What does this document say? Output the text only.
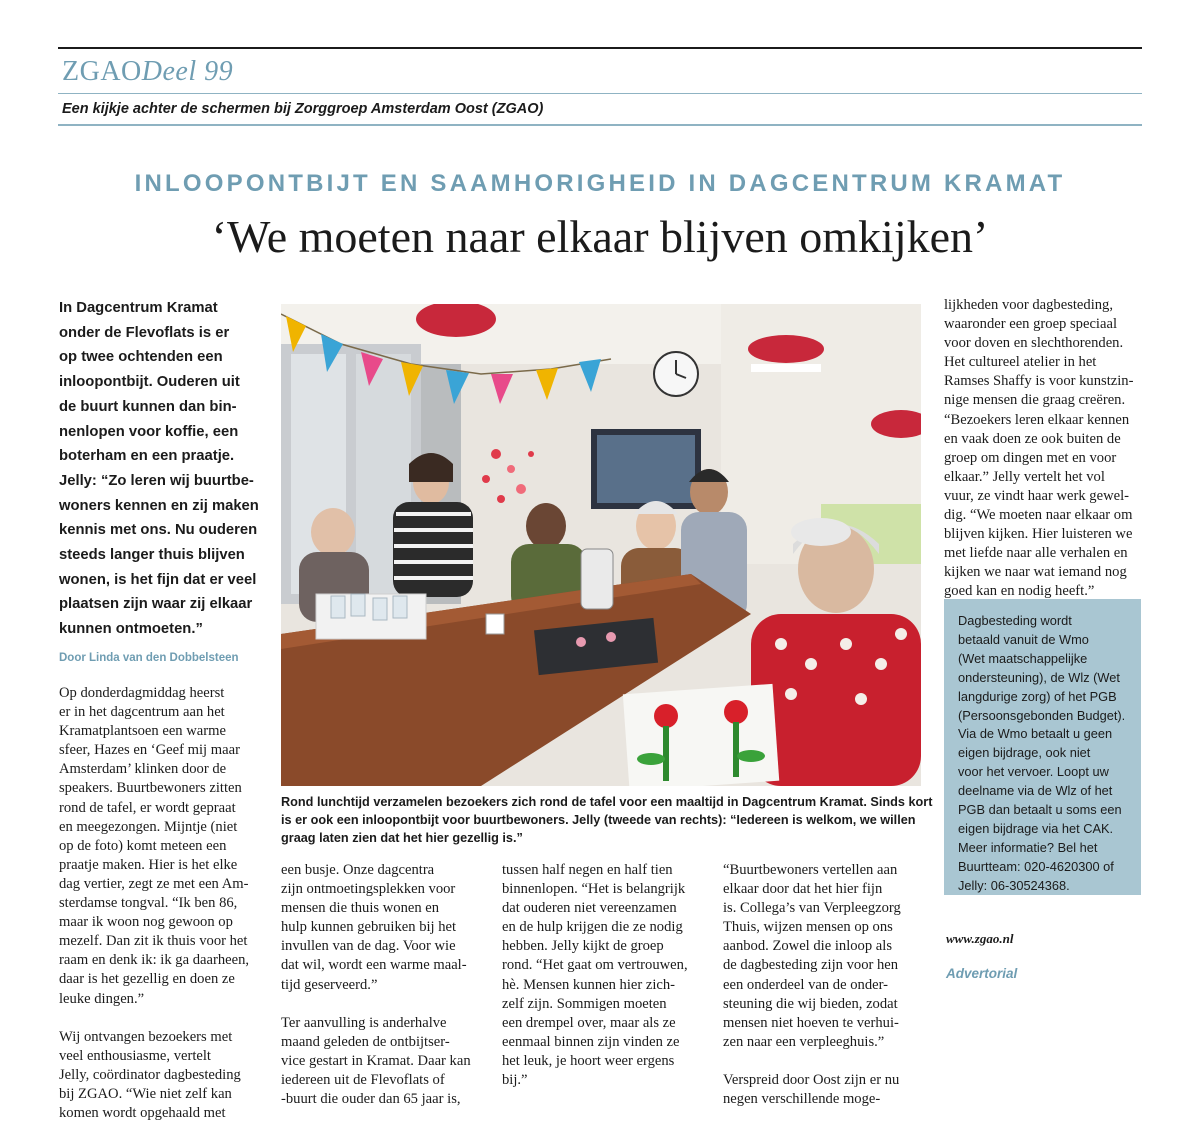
ZGAODeel 99
Een kijkje achter de schermen bij Zorggroep Amsterdam Oost (ZGAO)
INLOOPONTBIJT EN SAAMHORIGHEID IN DAGCENTRUM KRAMAT
‘We moeten naar elkaar blijven omkijken’
In Dagcentrum Kramat
onder de Flevoflats is er
op twee ochtenden een
inloopontbijt. Ouderen uit
de buurt kunnen dan bin-
nenlopen voor koffie, een
boterham en een praatje.
Jelly: “Zo leren wij buurtbe-
woners kennen en zij maken
kennis met ons. Nu ouderen
steeds langer thuis blijven
wonen, is het fijn dat er veel
plaatsen zijn waar zij elkaar
kunnen ontmoeten.”
Door Linda van den Dobbelsteen

Op donderdagmiddag heerst
er in het dagcentrum aan het
Kramatplantsoen een warme
sfeer, Hazes en ‘Geef mij maar
Amsterdam’ klinken door de
speakers. Buurtbewoners zitten
rond de tafel, er wordt gepraat
en meegezongen. Mijntje (niet
op de foto) komt meteen een
praatje maken. Hier is het elke
dag vertier, zegt ze met een Am-
sterdamse tongval. “Ik ben 86,
maar ik woon nog gewoon op
mezelf. Dan zit ik thuis voor het
raam en denk ik: ik ga daarheen,
daar is het gezellig en doen ze
leuke dingen.”

Wij ontvangen bezoekers met
veel enthousiasme, vertelt
Jelly, coördinator dagbesteding
bij ZGAO. “Wie niet zelf kan
komen wordt opgehaald met

een busje. Onze dagcentra
zijn ontmoetingsplekken voor
mensen die thuis wonen en
hulp kunnen gebruiken bij het
invullen van de dag. Voor wie
dat wil, wordt een warme maal-
tijd geserveerd.”

Ter aanvulling is anderhalve
maand geleden de ontbijtser-
vice gestart in Kramat. Daar kan
iedereen uit de Flevoflats of
-buurt die ouder dan 65 jaar is,

tussen half negen en half tien
binnenlopen. “Het is belangrijk
dat ouderen niet vereenzamen
en de hulp krijgen die ze nodig
hebben. Jelly kijkt de groep
rond. “Het gaat om vertrouwen,
hè. Mensen kunnen hier zich-
zelf zijn. Sommigen moeten
een drempel over, maar als ze
eenmaal binnen zijn vinden ze
het leuk, je hoort weer ergens
bij.”

“Buurtbewoners vertellen aan
elkaar door dat het hier fijn
is. Collega’s van Verpleegzorg
Thuis, wijzen mensen op ons
aanbod. Zowel die inloop als
de dagbesteding zijn voor hen
een onderdeel van de onder-
steuning die wij bieden, zodat
mensen niet hoeven te verhui-
zen naar een verpleeghuis.”

Verspreid door Oost zijn er nu
negen verschillende moge-

lijkheden voor dagbesteding,
waaronder een groep speciaal
voor doven en slechthorenden.
Het cultureel atelier in het
Ramses Shaffy is voor kunstzin-
nige mensen die graag creëren.
“Bezoekers leren elkaar kennen
en vaak doen ze ook buiten de
groep om dingen met en voor
elkaar.” Jelly vertelt het vol
vuur, ze vindt haar werk gewel-
dig. “We moeten naar elkaar om
blijven kijken. Hier luisteren we
met liefde naar alle verhalen en
kijken we naar wat iemand nog
goed kan en nodig heeft.”

Rond lunchtijd verzamelen bezoekers zich rond de tafel voor een maaltijd in Dagcentrum Kramat. Sinds kort
is er ook een inloopontbijt voor buurtbewoners. Jelly (tweede van rechts): “Iedereen is welkom, we willen
graag laten zien dat het hier gezellig is.”
Dagbesteding wordt
betaald vanuit de Wmo
(Wet maatschappelijke
ondersteuning), de Wlz (Wet
langdurige zorg) of het PGB
(Persoonsgebonden Budget).
Via de Wmo betaalt u geen
eigen bijdrage, ook niet
voor het vervoer. Loopt uw
deelname via de Wlz of het
PGB dan betaalt u soms een
eigen bijdrage via het CAK.
Meer informatie? Bel het
Buurtteam: 020-4620300 of
Jelly: 06-30524368.
www.zgao.nl
Advertorial
